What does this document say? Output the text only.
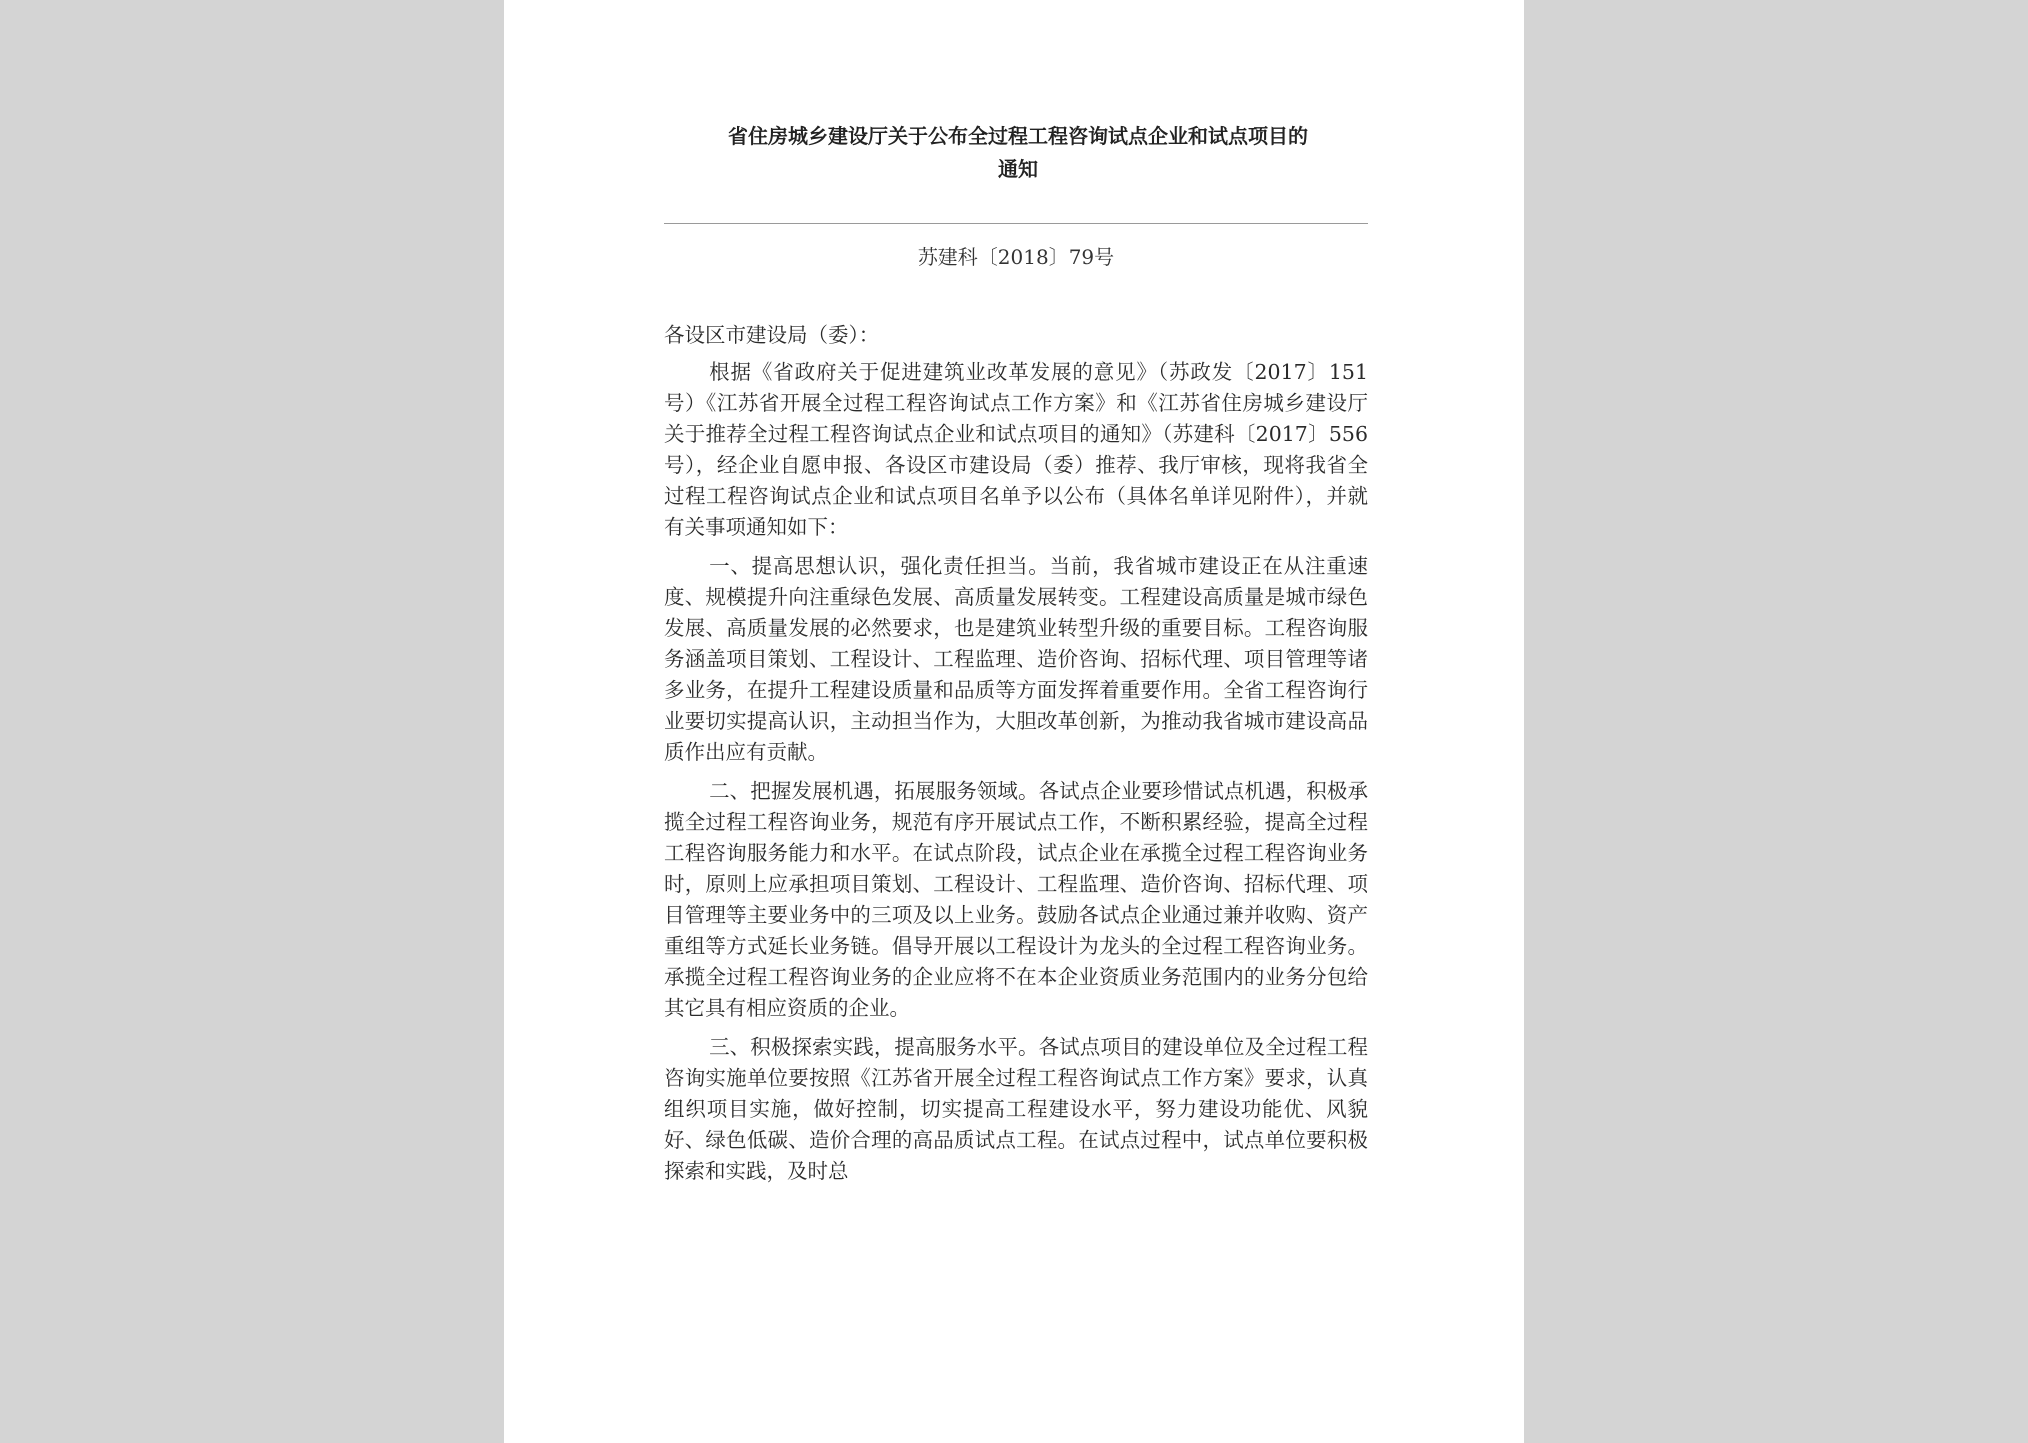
省住房城乡建设厅关于公布全过程工程咨询试点企业和试点项目的
通知
苏建科〔2018〕79号

各设区市建设局（委）：

根据《省政府关于促进建筑业改革发展的意见》（苏政发〔2017〕151号）《江苏省开展全过程工程咨询试点工作方案》和《江苏省住房城乡建设厅关于推荐全过程工程咨询试点企业和试点项目的通知》（苏建科〔2017〕556号），经企业自愿申报、各设区市建设局（委）推荐、我厅审核，现将我省全过程工程咨询试点企业和试点项目名单予以公布（具体名单详见附件），并就有关事项通知如下：

一、提高思想认识，强化责任担当。当前，我省城市建设正在从注重速度、规模提升向注重绿色发展、高质量发展转变。工程建设高质量是城市绿色发展、高质量发展的必然要求，也是建筑业转型升级的重要目标。工程咨询服务涵盖项目策划、工程设计、工程监理、造价咨询、招标代理、项目管理等诸多业务，在提升工程建设质量和品质等方面发挥着重要作用。全省工程咨询行业要切实提高认识，主动担当作为，大胆改革创新，为推动我省城市建设高品质作出应有贡献。

二、把握发展机遇，拓展服务领域。各试点企业要珍惜试点机遇，积极承揽全过程工程咨询业务，规范有序开展试点工作，不断积累经验，提高全过程工程咨询服务能力和水平。在试点阶段，试点企业在承揽全过程工程咨询业务时，原则上应承担项目策划、工程设计、工程监理、造价咨询、招标代理、项目管理等主要业务中的三项及以上业务。鼓励各试点企业通过兼并收购、资产重组等方式延长业务链。倡导开展以工程设计为龙头的全过程工程咨询业务。承揽全过程工程咨询业务的企业应将不在本企业资质业务范围内的业务分包给其它具有相应资质的企业。

三、积极探索实践，提高服务水平。各试点项目的建设单位及全过程工程咨询实施单位要按照《江苏省开展全过程工程咨询试点工作方案》要求，认真组织项目实施，做好控制，切实提高工程建设水平，努力建设功能优、风貌好、绿色低碳、造价合理的高品质试点工程。在试点过程中，试点单位要积极探索和实践，及时总
